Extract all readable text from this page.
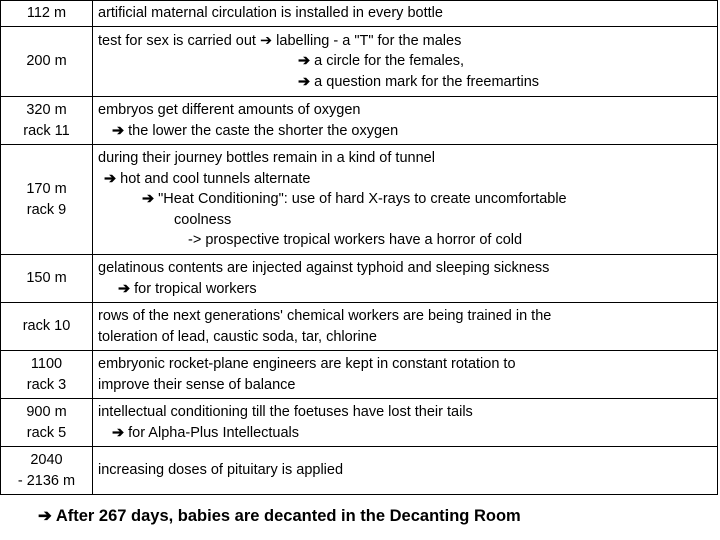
112 m	artificial maternal circulation is installed in every bottle

200 m	test for sex is carried out ➔ labelling - a "T" for the males
➔ a circle for the females,
➔ a question mark for the freemartins

320 m
rack 11	embryos get different amounts of oxygen
➔ the lower the caste the shorter the oxygen

170 m
rack 9	during their journey bottles remain in a kind of tunnel
➔ hot and cool tunnels alternate
➔ "Heat Conditioning": use of hard X-rays to create uncomfortable
coolness
-> prospective tropical workers have a horror of cold

150 m	gelatinous contents are injected against typhoid and sleeping sickness
➔ for tropical workers

rack 10	rows of the next generations' chemical workers are being trained in the
toleration of lead, caustic soda, tar, chlorine

1100
rack 3	embryonic rocket-plane engineers are kept in constant rotation to
improve their sense of balance

900 m
rack 5	intellectual conditioning till the foetuses have lost their tails
➔ for Alpha-Plus Intellectuals

2040
- 2136 m	increasing doses of pituitary is applied
➔ After 267 days, babies are decanted in the Decanting Room
